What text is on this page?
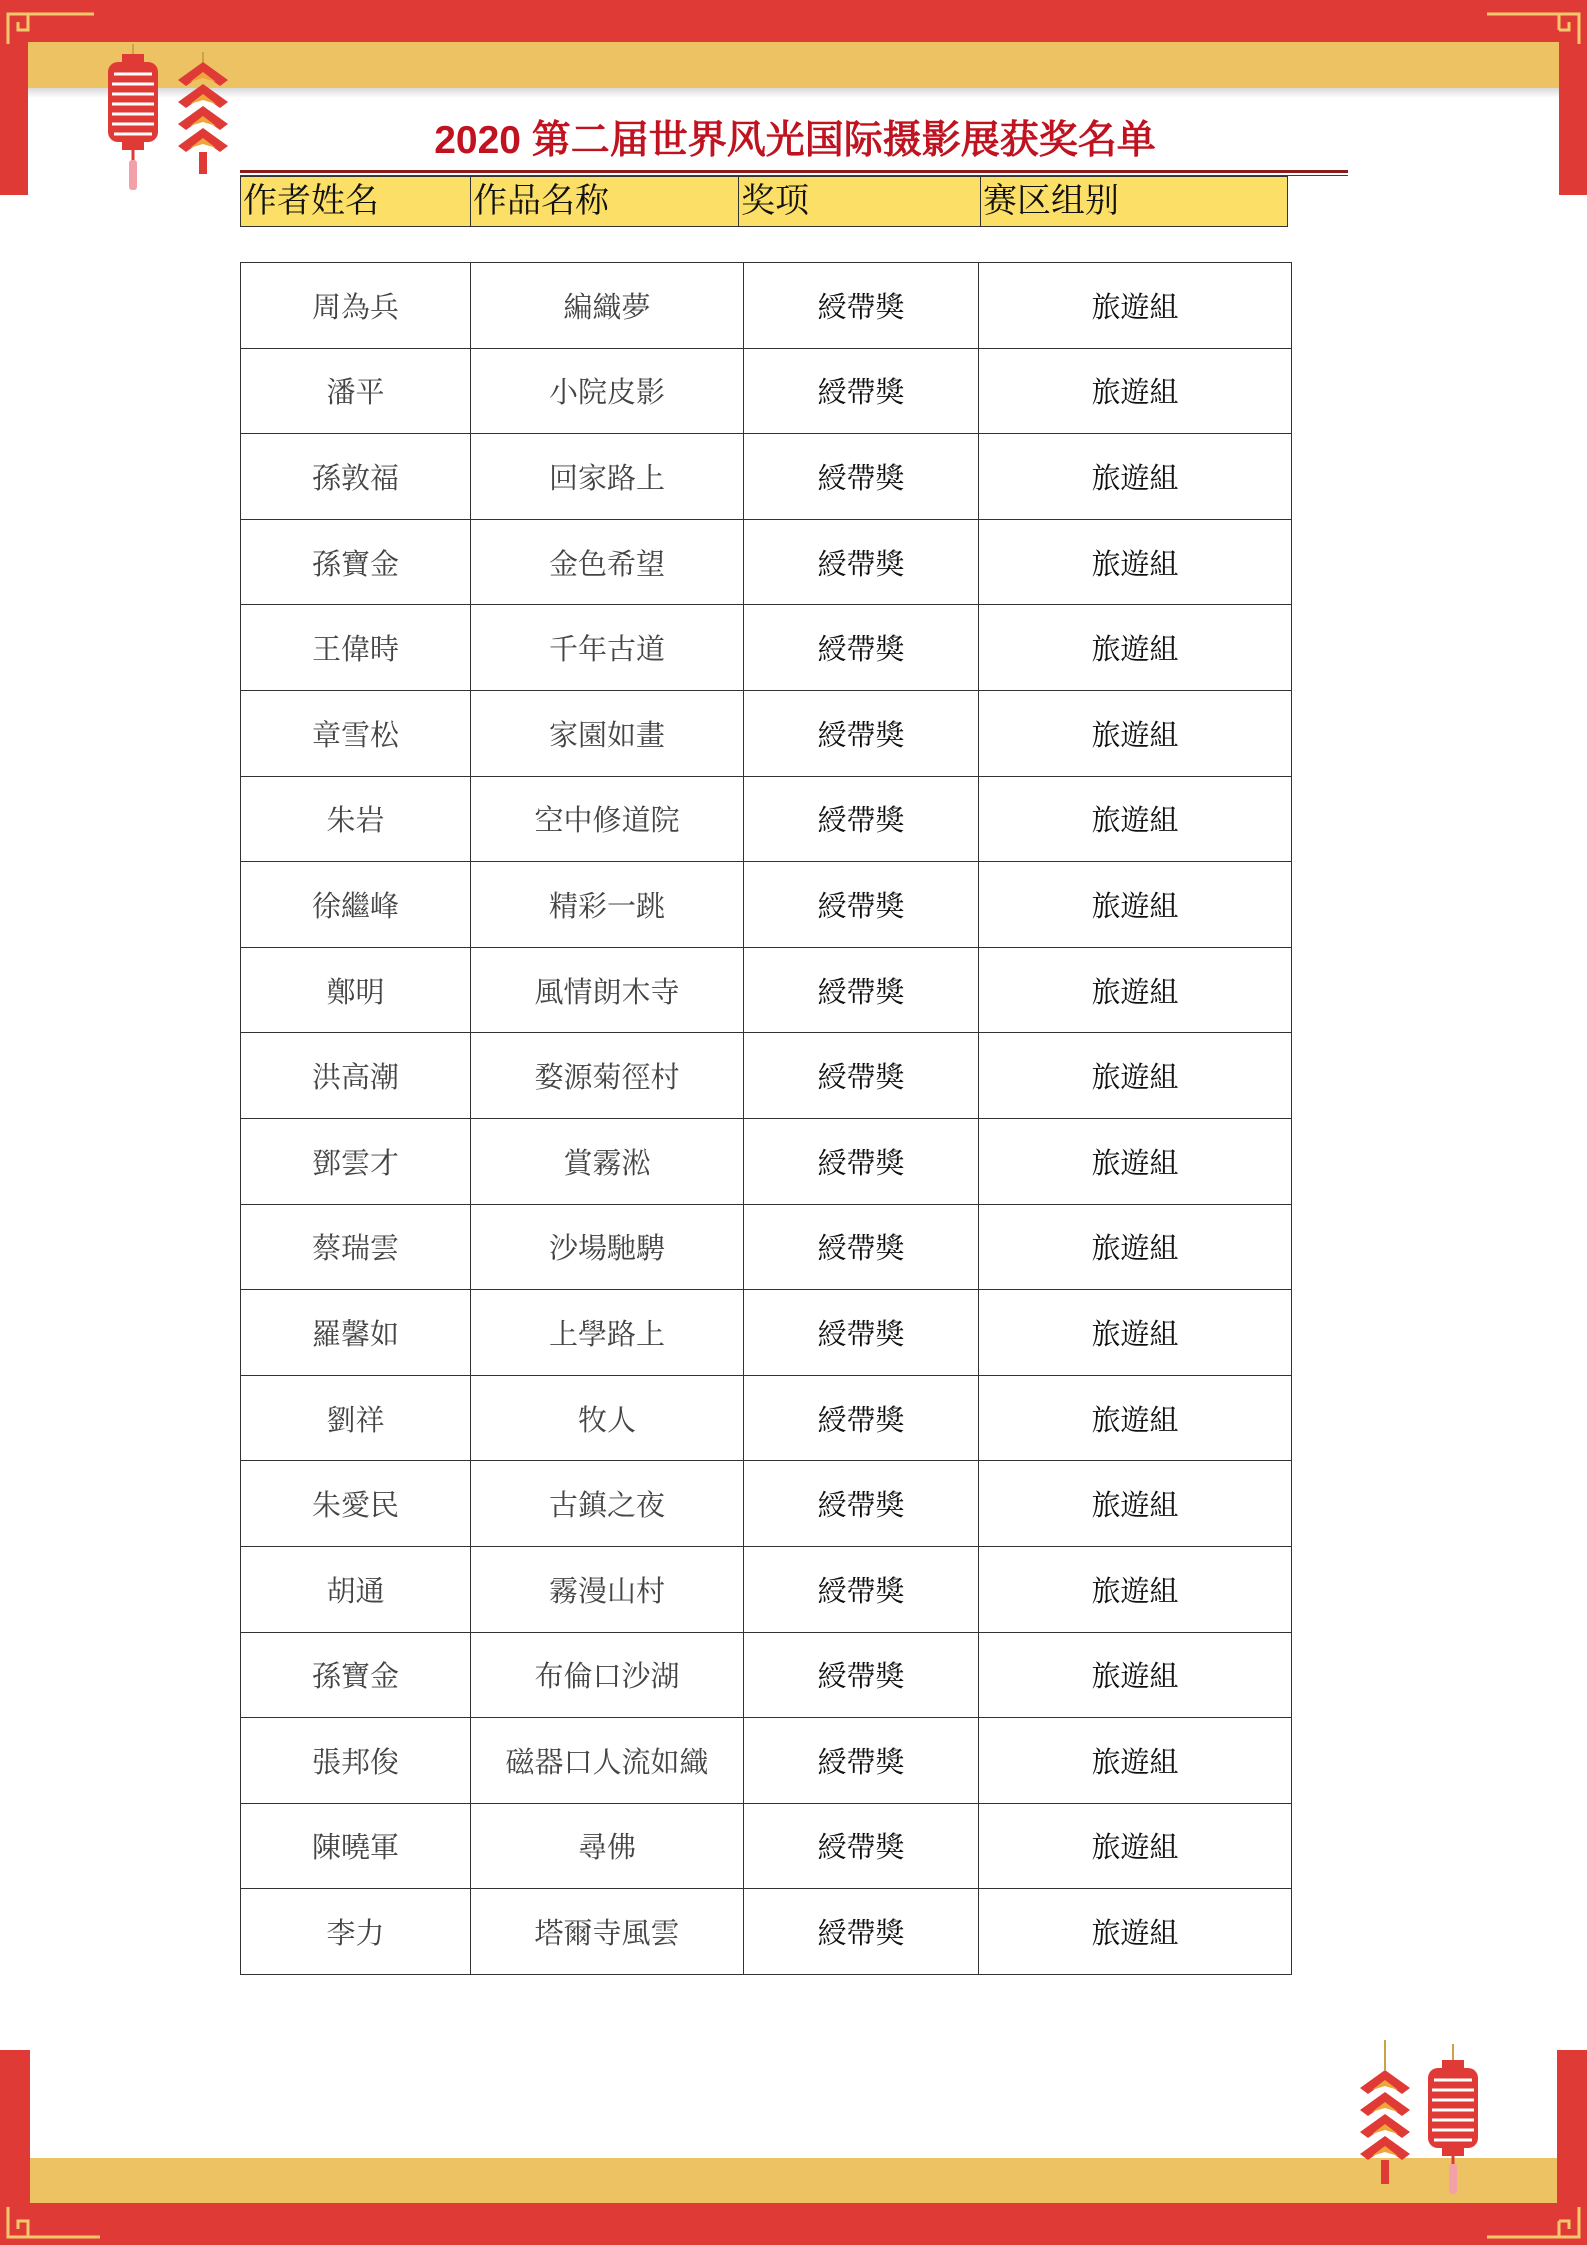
2020 第二届世界风光国际摄影展获奖名单
作者姓名	作品名称	奖项	赛区组别
周為兵	編織夢	綬帶獎	旅遊組
潘平	小院皮影	綬帶獎	旅遊組
孫敦福	回家路上	綬帶獎	旅遊組
孫寶金	金色希望	綬帶獎	旅遊組
王偉時	千年古道	綬帶獎	旅遊組
章雪松	家園如畫	綬帶獎	旅遊組
朱岩	空中修道院	綬帶獎	旅遊組
徐繼峰	精彩一跳	綬帶獎	旅遊組
鄭明	風情朗木寺	綬帶獎	旅遊組
洪高潮	婺源菊徑村	綬帶獎	旅遊組
鄧雲才	賞霧淞	綬帶獎	旅遊組
蔡瑞雲	沙場馳騁	綬帶獎	旅遊組
羅馨如	上學路上	綬帶獎	旅遊組
劉祥	牧人	綬帶獎	旅遊組
朱愛民	古鎮之夜	綬帶獎	旅遊組
胡通	霧漫山村	綬帶獎	旅遊組
孫寶金	布倫口沙湖	綬帶獎	旅遊組
張邦俊	磁器口人流如織	綬帶獎	旅遊組
陳曉軍	尋佛	綬帶獎	旅遊組
李力	塔爾寺風雲	綬帶獎	旅遊組
